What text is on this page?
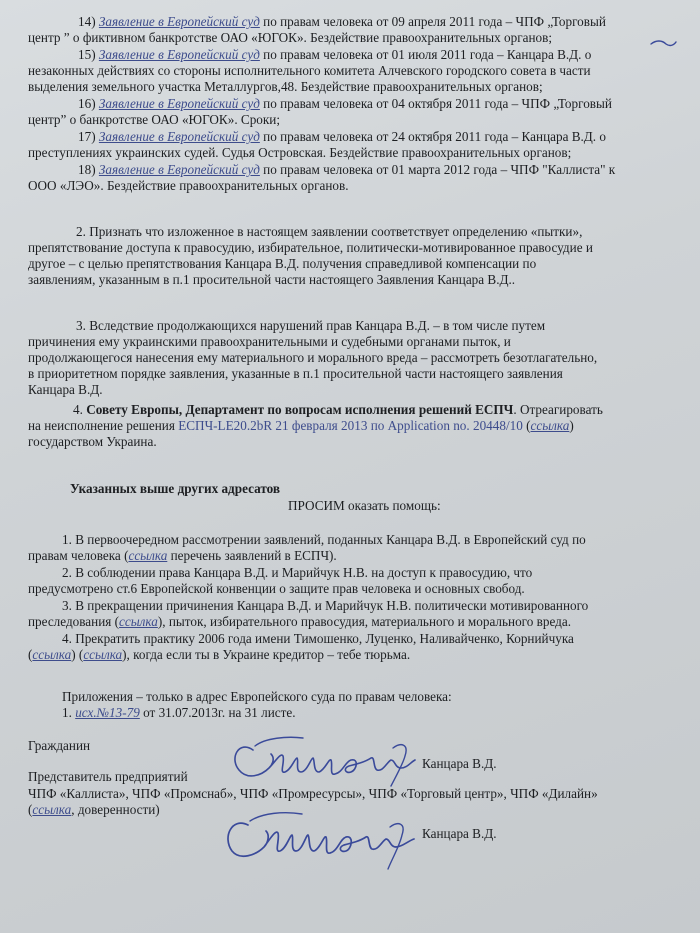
14) Заявление в Европейский суд по правам человека от 09 апреля 2011 года – ЧПФ „Торговый
центр ” о фиктивном банкротстве ОАО «ЮГОК». Бездействие правоохранительных органов;
15) Заявление в Европейский суд по правам человека от 01 июля 2011 года – Канцара В.Д. о
незаконных действиях со стороны исполнительного комитета Алчевского городского совета в части
выделения земельного участка Металлургов,48. Бездействие правоохранительных органов;
16) Заявление в Европейский суд по правам человека от 04 октября 2011 года – ЧПФ „Торговый
центр” о банкротстве ОАО «ЮГОК». Сроки;
17) Заявление в Европейский суд по правам человека от 24 октября 2011 года – Канцара В.Д. о
преступлениях украинских судей. Судья Островская. Бездействие правоохранительных органов;
18) Заявление в Европейский суд по правам человека от 01 марта 2012 года – ЧПФ "Каллиста" к
ООО «ЛЭО». Бездействие правоохранительных органов.
2. Признать что изложенное в настоящем заявлении соответствует определению «пытки»,
препятствование доступа к правосудию, избирательное, политически-мотивированное правосудие и
другое – с целью препятствования Канцара В.Д. получения справедливой компенсации по
заявлениям, указанным в п.1 просительной части настоящего Заявления Канцара В.Д..
3. Вследствие продолжающихся нарушений прав Канцара В.Д. – в том числе путем
причинения ему украинскими правоохранительными и судебными органами пыток, и
продолжающегося нанесения ему материального и морального вреда – рассмотреть безотлагательно,
в приоритетном порядке заявления, указанные в п.1 просительной части настоящего заявления
Канцара В.Д.
4. Совету Европы, Департамент по вопросам исполнения решений ЕСПЧ. Отреагировать
на неисполнение решения ЕСПЧ-LE20.2bR 21 февраля 2013 по Application no. 20448/10 (ссылка)
государством Украина.
Указанных выше других адресатов
ПРОСИМ оказать помощь:
1. В первоочередном рассмотрении заявлений, поданных Канцара В.Д. в Европейский суд по
правам человека (ссылка перечень заявлений в ЕСПЧ).
2. В соблюдении права Канцара В.Д. и Марийчук Н.В. на доступ к правосудию, что
предусмотрено ст.6 Европейской конвенции о защите прав человека и основных свобод.
3. В прекращении причинения Канцара В.Д. и Марийчук Н.В. политически мотивированного
преследования (ссылка), пыток, избирательного правосудия, материального и морального вреда.
4. Прекратить практику 2006 года имени Тимошенко, Луценко, Наливайченко, Корнийчука
(ссылка) (ссылка), когда если ты в Украине кредитор – тебе тюрьма.
Приложения – только в адрес Европейского суда по правам человека:
1. исх.№13-79 от 31.07.2013г. на 31 листе.
Гражданин
Канцара В.Д.
Представитель предприятий
ЧПФ «Каллиста», ЧПФ «Промснаб», ЧПФ «Промресурсы», ЧПФ «Торговый центр», ЧПФ «Дилайн»
(ссылка, доверенности)
Канцара В.Д.
